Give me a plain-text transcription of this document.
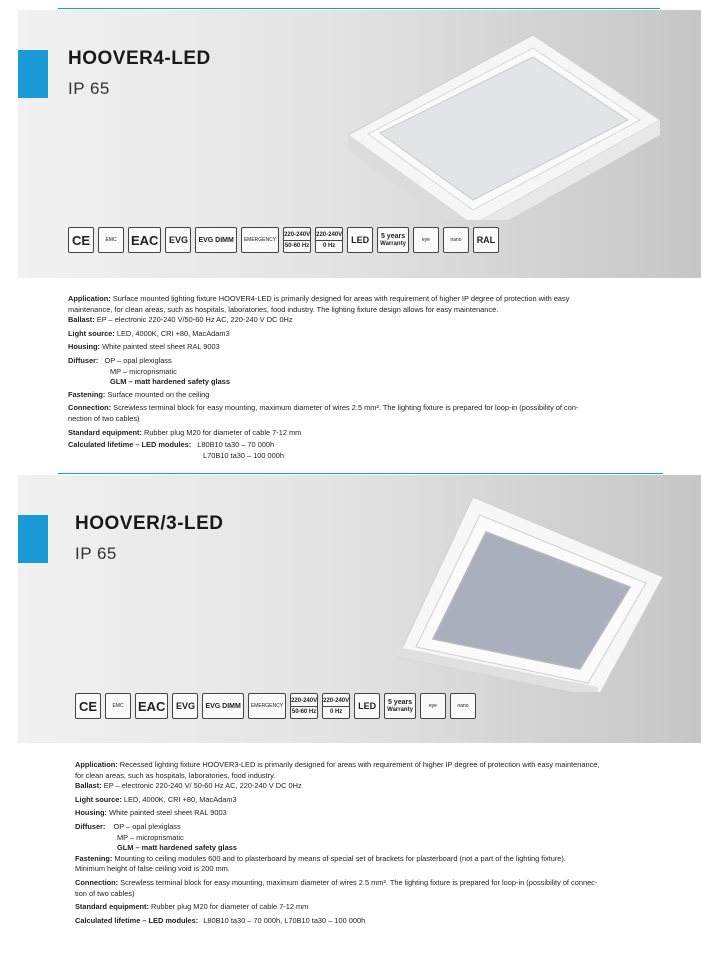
HOOVER4-LED
IP 65
CE	EMC	EAC	EVG	EVG DIMM	EMERGENCY
220-240V
50-60 Hz
220-240V
0 Hz
LED	5 years
Warranty
eye	nano	RAL
Application: Surface mounted lighting fixture HOOVER4-LED is primarily designed for areas with requirement of higher IP degree of protection with easy
maintenance, for clean areas, such as hospitals, laboratories, food industry. The lighting fixture design allows for easy maintenance.
Ballast: EP – electronic 220-240 V/50-60 Hz AC, 220-240 V DC 0Hz
Light source: LED, 4000K, CRI +80, MacAdam3
Housing: White painted steel sheet RAL 9003
Diffuser: OP – opal plexiglass
MP – microprismatic
GLM – matt hardened safety glass
Fastening: Surface mounted on the ceiling
Connection: Screwless terminal block for easy mounting, maximum diameter of wires 2.5 mm². The lighting fixture is prepared for loop-in (possibility of con-
nection of two cables)
Standard equipment: Rubber plug M20 for diameter of cable 7-12 mm
Calculated lifetime – LED modules: L80B10 ta30 – 70 000h
L70B10 ta30 – 100 000h
HOOVER/3-LED
IP 65
CE	EMC	EAC	EVG	EVG DIMM	EMERGENCY
220-240V
50-60 Hz
220-240V
0 Hz
LED	5 years
Warranty
eye	nano
Application: Recessed lighting fixture HOOVER3-LED is primarily designed for areas with requirement of higher IP degree of protection with easy maintenance,
for clean areas, such as hospitals, laboratories, food industry.
Ballast: EP – electronic 220-240 V/ 50-60 Hz AC, 220-240 V DC 0Hz
Light source: LED, 4000K, CRI +80, MacAdam3
Housing: White painted steel sheet RAL 9003
Diffuser: OP – opal plexiglass
MP – microprismatic
GLM – matt hardened safety glass
Fastening: Mounting to ceiling modules 600 and to plasterboard by means of special set of brackets for plasterboard (not a part of the lighting fixture).
Minimum height of false ceiling void is 200 mm.
Connection: Screwless terminal block for easy mounting, maximum diameter of wires 2.5 mm². The lighting fixture is prepared for loop-in (possibility of connec-
tion of two cables)
Standard equipment: Rubber plug M20 for diameter of cable 7-12 mm
Calculated lifetime – LED modules: L80B10 ta30 – 70 000h, L70B10 ta30 – 100 000h
